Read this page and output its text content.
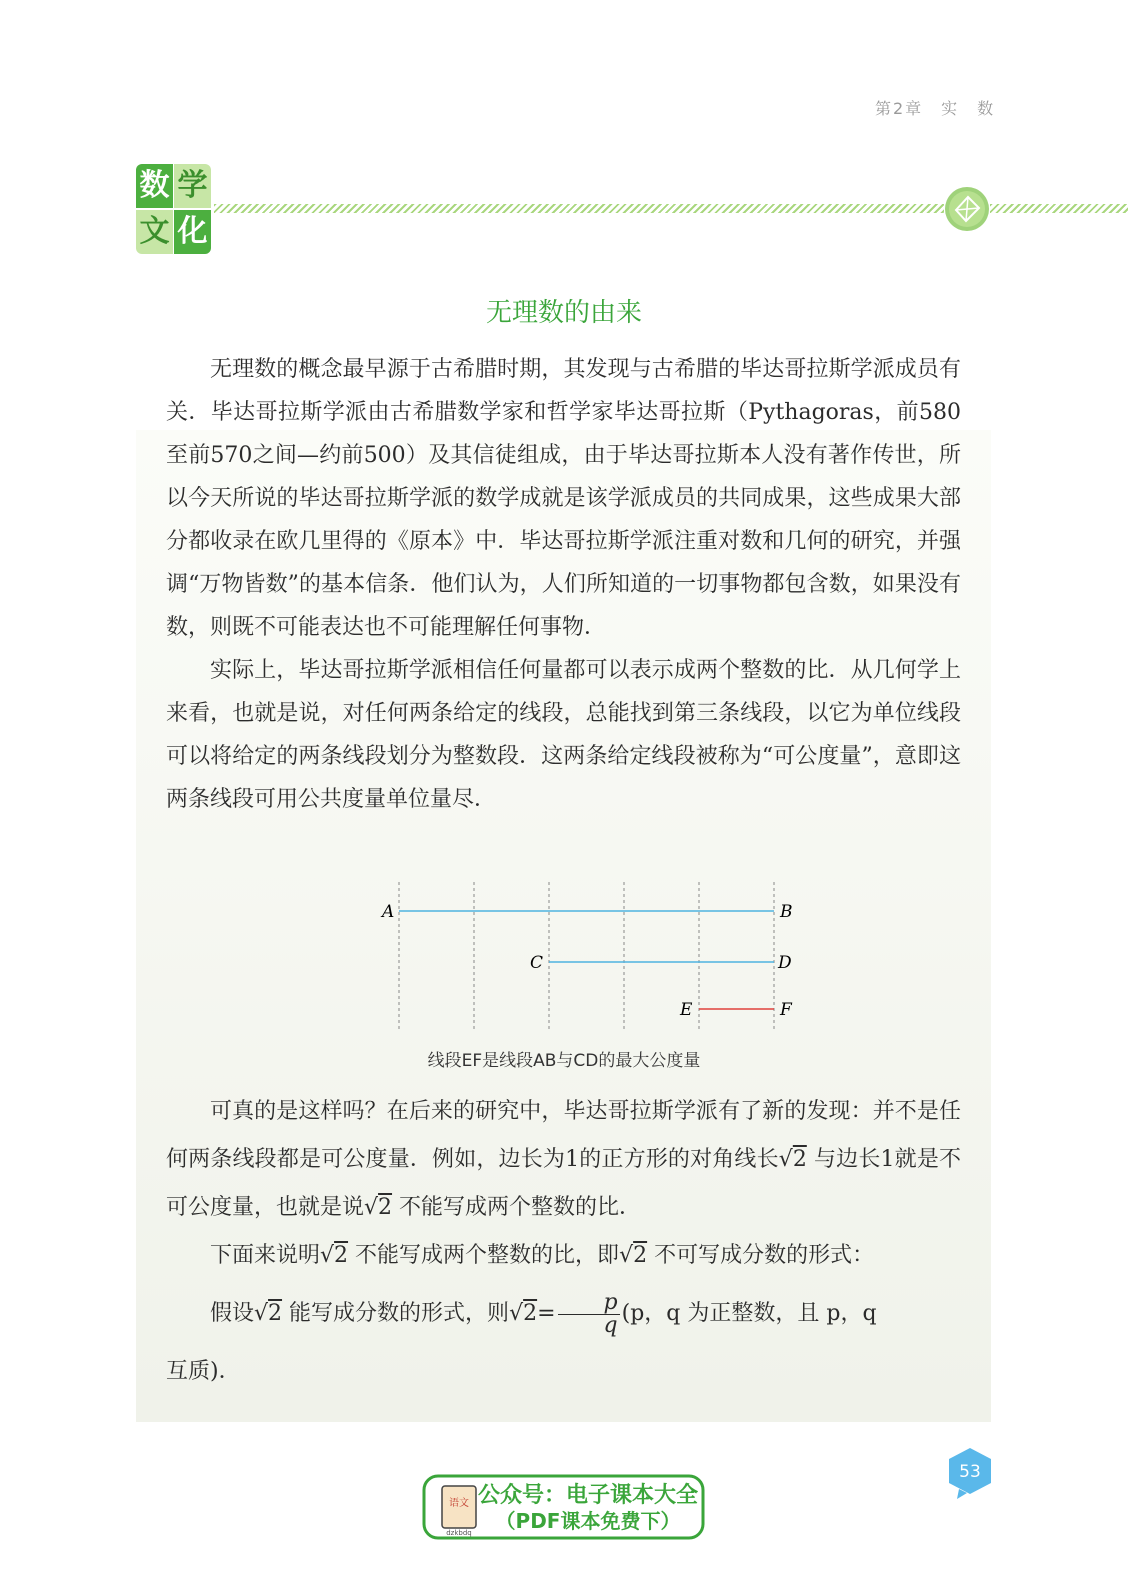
第2章　实　数
数 学
文 化
无理数的由来

无理数的概念最早源于古希腊时期，其发现与古希腊的毕达哥拉斯学派成员有关．毕达哥拉斯学派由古希腊数学家和哲学家毕达哥拉斯（Pythagoras，前580至前570之间—约前500）及其信徒组成，由于毕达哥拉斯本人没有著作传世，所以今天所说的毕达哥拉斯学派的数学成就是该学派成员的共同成果，这些成果大部分都收录在欧几里得的《原本》中．毕达哥拉斯学派注重对数和几何的研究，并强调“万物皆数”的基本信条．他们认为，人们所知道的一切事物都包含数，如果没有数，则既不可能表达也不可能理解任何事物．

实际上，毕达哥拉斯学派相信任何量都可以表示成两个整数的比．从几何学上来看，也就是说，对任何两条给定的线段，总能找到第三条线段，以它为单位线段可以将给定的两条线段划分为整数段．这两条给定线段被称为“可公度量”，意即这两条线段可用公共度量单位量尽．

A	B
C	D
E	F
线段EF是线段AB与CD的最大公度量

可真的是这样吗？在后来的研究中，毕达哥拉斯学派有了新的发现：并不是任何两条线段都是可公度量．例如，边长为1的正方形的对角线长√2 与边长1就是不可公度量，也就是说√2 不能写成两个整数的比．

下面来说明√2 不能写成两个整数的比，即√2 不可写成分数的形式：

假设√2 能写成分数的形式，则$√2= \frac{p}{q} (p$，q 为正整数，且 p，q

互质)．

53
语文
dzkbdq
公众号：电子课本大全
（PDF课本免费下）
